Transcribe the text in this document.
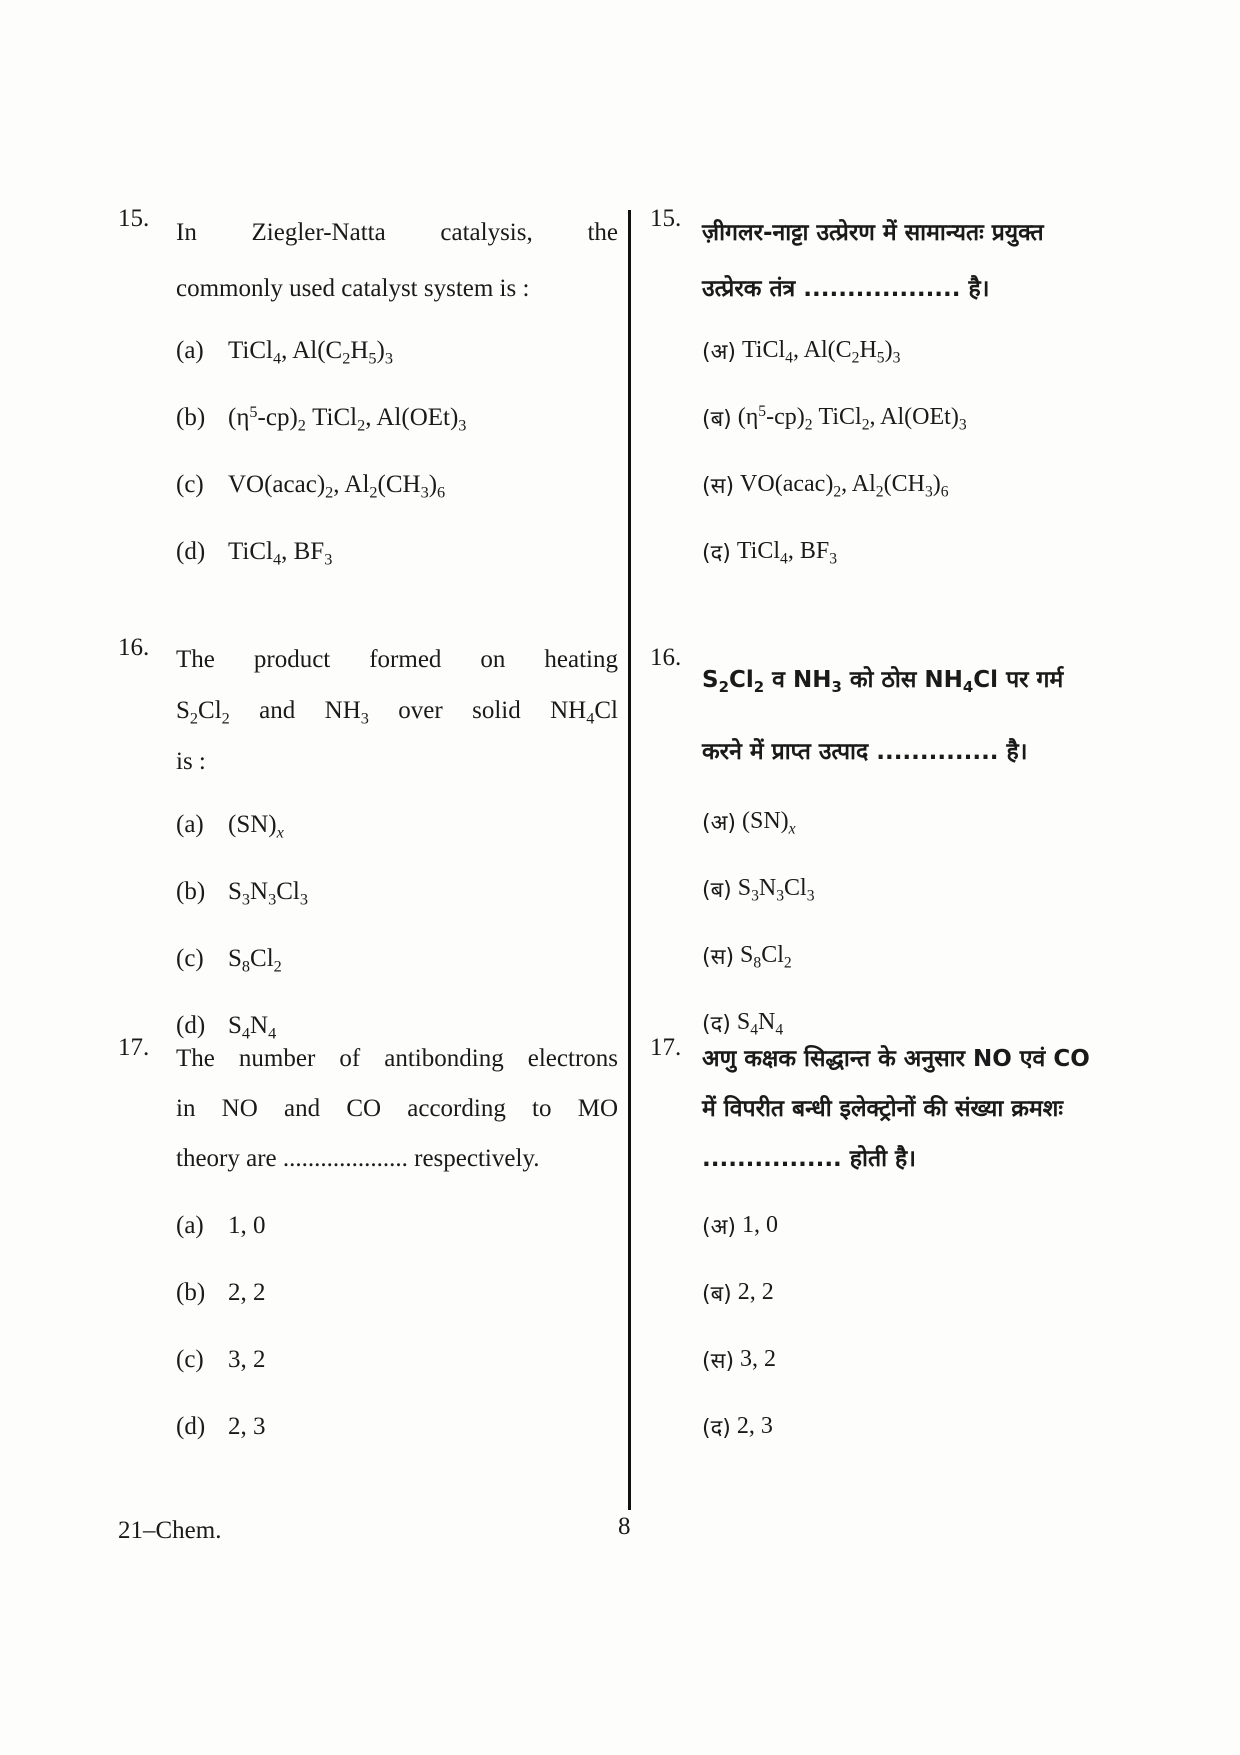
15.
In Ziegler-Natta catalysis, the
commonly used catalyst system is :
(a) TiCl$_4$, $Al(C_2H_5)_3$
(b) $(\eta^5-cp)_2$ TiCl$_2$, $Al(OEt)_3$
(c) $VO(acac)_2$, $Al_2(CH_3)_6$
(d) TiCl$_4$, $BF_3$
16. The product formed on heating
$S_2Cl_2$ and $NH_3$ over solid $NH_4Cl$
is :
(a) $(SN)_x$
(b) $S_3N_3Cl_3$
(c) $S_8Cl_2$
(d) $S_4N_4$
17. The number of antibonding electrons
in NO and CO according to MO
theory are .................... respectively.
(a) 1, 0
(b) 2, 2
(c) 3, 2
(d) 2, 3
15.
ज़ीगलर-नाट्टा उत्प्रेरण में सामान्यतः प्रयुक्त
उत्प्रेरक तंत्र .................. है।
(अ) TiCl$_4$, $Al(C_2H_5)_3$
(ब) $(\eta^5-cp)_2$ TiCl$_2$, $Al(OEt)_3$
(स) $VO(acac)_2$, $Al_2(CH_3)_6$
(द) TiCl$_4$, $BF_3$
16.
$S_2Cl_2$ व $NH_3$ को ठोस $NH_4Cl$ पर गर्म
करने में प्राप्त उत्पाद .............. है।
(अ) $(SN)_x$
(ब) $S_3N_3Cl_3$
(स) $S_8Cl_2$
(द) $S_4N_4$
17. अणु कक्षक सिद्धान्त के अनुसार NO एवं CO
में विपरीत बन्धी इलेक्ट्रोनों की संख्या क्रमशः
................ होती है।
(अ) 1, 0
(ब) 2, 2
(स) 3, 2
(द) 2, 3
21–Chem.	8
